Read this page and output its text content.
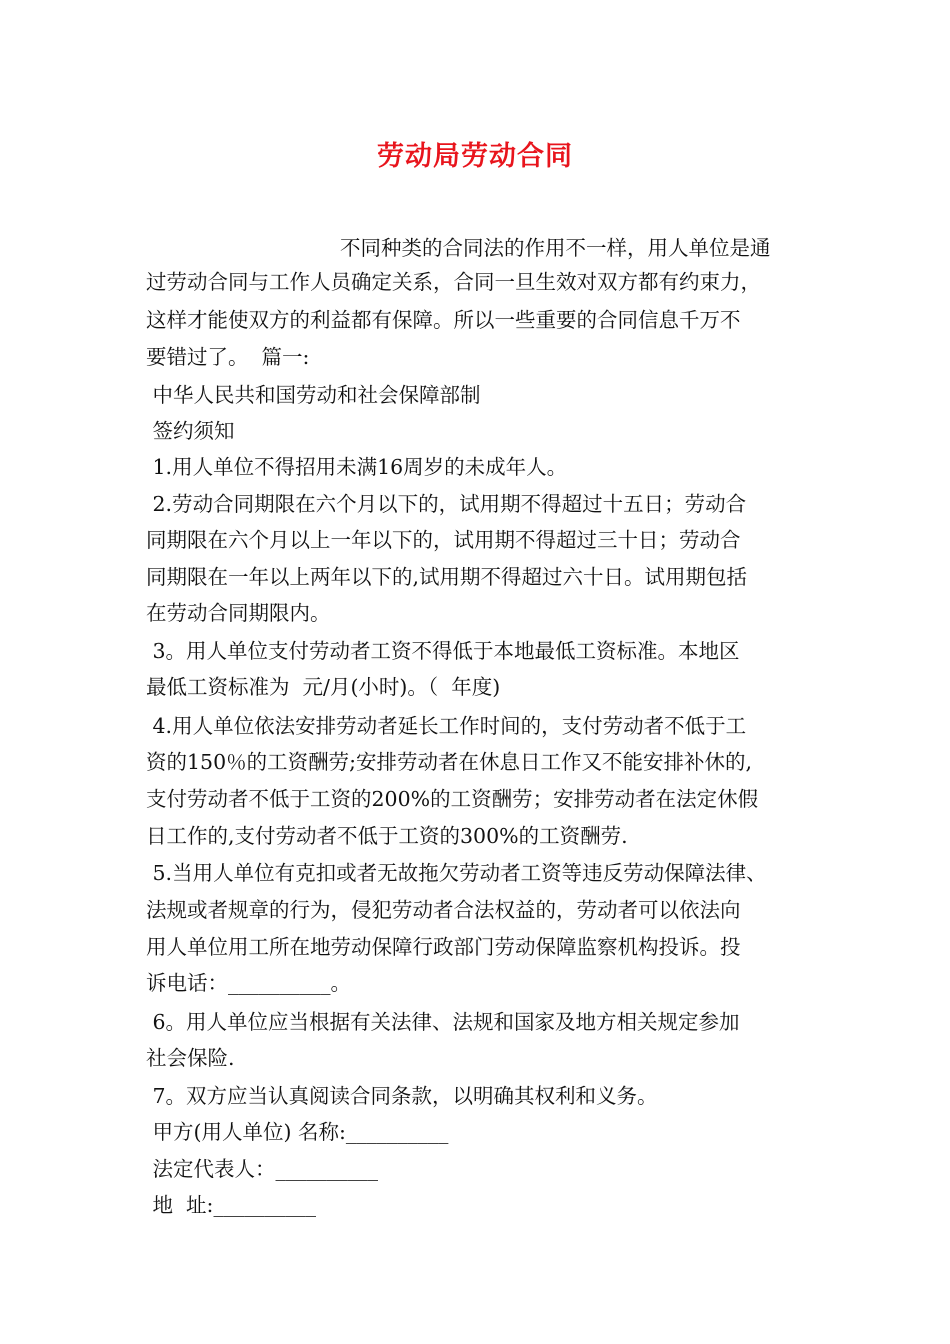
劳动局劳动合同
不同种类的合同法的作用不一样，用人单位是通
过劳动合同与工作人员确定关系，合同一旦生效对双方都有约束力，
这样才能使双方的利益都有保障。所以一些重要的合同信息千万不
要错过了。  篇一:
中华人民共和国劳动和社会保障部制
签约须知
1.用人单位不得招用未满16周岁的未成年人。
2.劳动合同期限在六个月以下的，试用期不得超过十五日；劳动合
同期限在六个月以上一年以下的，试用期不得超过三十日；劳动合
同期限在一年以上两年以下的,试用期不得超过六十日。试用期包括
在劳动合同期限内。
3。用人单位支付劳动者工资不得低于本地最低工资标准。本地区
最低工资标准为  元/月(小时)。（  年度)
4.用人单位依法安排劳动者延长工作时间的，支付劳动者不低于工
资的150％的工资酬劳;安排劳动者在休息日工作又不能安排补休的,
支付劳动者不低于工资的200%的工资酬劳；安排劳动者在法定休假
日工作的,支付劳动者不低于工资的300%的工资酬劳.
5.当用人单位有克扣或者无故拖欠劳动者工资等违反劳动保障法律、
法规或者规章的行为，侵犯劳动者合法权益的，劳动者可以依法向
用人单位用工所在地劳动保障行政部门劳动保障监察机构投诉。投
诉电话：__________。
6。用人单位应当根据有关法律、法规和国家及地方相关规定参加
社会保险.
7。双方应当认真阅读合同条款，以明确其权利和义务。
甲方(用人单位) 名称:__________
法定代表人：__________
地  址:__________
